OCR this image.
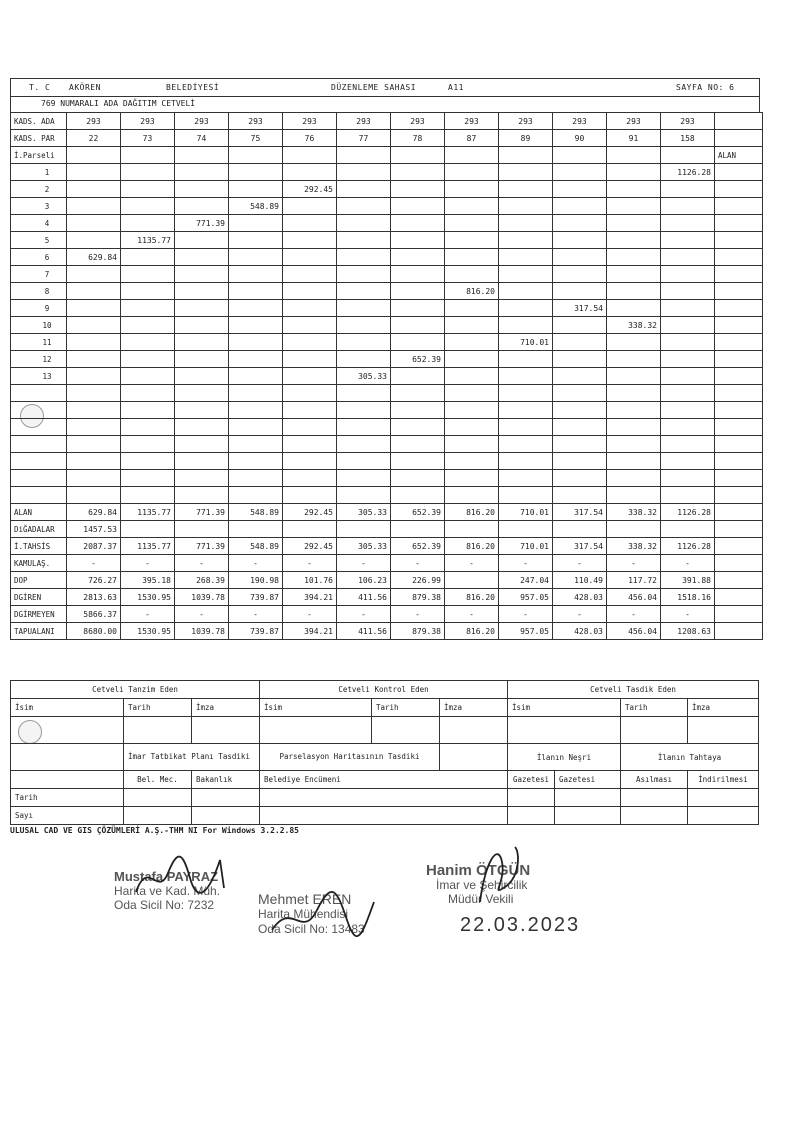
T. C AKÖREN	BELEDİYESİ	DÜZENLEME SAHASI	A11	SAYFA NO: 6
769 NUMARALI ADA DAĞITIM CETVELİ
KADS. ADA	293	293	293	293	293	293	293	293	293	293	293	293	
KADS. PAR	22	73	74	75	76	77	78	87	89	90	91	158	
İ.Parseli													ALAN
1												1126.28	
2					292.45								
3				548.89									
4			771.39										
5		1135.77											
6	629.84												
7													
8								816.20					
9										317.54			
10											338.32		
11									710.01				
12							652.39						
13						305.33							

ALAN	629.84	1135.77	771.39	548.89	292.45	305.33	652.39	816.20	710.01	317.54	338.32	1126.28	
DiĞADALAR	1457.53												
İ.TAHSİS	2087.37	1135.77	771.39	548.89	292.45	305.33	652.39	816.20	710.01	317.54	338.32	1126.28	
KAMULAŞ.	-	-	-	-	-	-	-	-	-	-	-	-	
DOP	726.27	395.18	268.39	190.98	101.76	106.23	226.99		247.04	110.49	117.72	391.88	
DGİREN	2813.63	1530.95	1039.78	739.87	394.21	411.56	879.38	816.20	957.05	428.03	456.04	1518.16	
DGİRMEYEN	5866.37	-	-	-	-	-	-	-	-	-	-	-	
TAPUALANI	8680.00	1530.95	1039.78	739.87	394.21	411.56	879.38	816.20	957.05	428.03	456.04	1208.63	
Cetveli Tanzim Eden			Cetveli Kontrol Eden			Cetveli Tasdik Eden			
İsim	Tarih	İmza	İsim	Tarih	İmza	İsim		Tarih	İmza

	İmar Tatbikat Planı Tasdiki		Parselasyon Haritasının Tasdiki			İlanın Neşri		İlanın Tahtaya	
	Bel. Mec.	Bakanlık	Belediye Encümeni			Gazetesi	Gazetesi	Asılması	İndirilmesi
Tarih									
Sayı									
ULUSAL CAD VE GIS ÇÖZÜMLERİ A.Ş.-THM NI For Windows 3.2.2.85
Mustafa PAYRAZ
Harita ve Kad. Müh.
Oda Sicil No: 7232	Mehmet EREN
Harita Mühendisi
Oda Sicil No: 13483
Hanim ÖTGÜN
İmar ve Şehircilik
Müdür Vekili
22.03.2023
